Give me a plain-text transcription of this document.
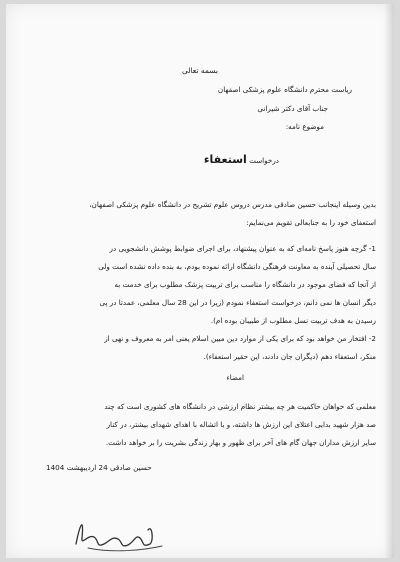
بسمه تعالی
ریاست محترم دانشگاه علوم پزشکی اصفهان
جناب آقای دکتر شیرانی
موضوع نامه:
درخواست استعفاء
بدین وسیله اینجانب حسین صادقی مدرس دروس علوم تشریح در دانشگاه علوم پزشکی اصفهان،
استعفای خود را به جنابعالی تقویم می‌نمایم:
1- گرچه هنوز پاسخ نامه‌ای که به عنوان پیشنهاد، برای اجرای ضوابط پوشش دانشجویی در
سال تحصیلی آینده به معاونت فرهنگی دانشگاه ارائه نموده بودم، به بنده داده نشده است ولی
از آنجا که فضای موجود در دانشگاه را مناسب برای تربیت پزشک مطلوب برای خدمت به
دیگر انسان ها نمی دانم، درخواست استعفاء نمودم (زیرا در این 28 سال معلمی، عمدتا در پی
رسیدن به هدف تربیت نسل مطلوب از طبیبان بوده ام).
2- افتخار من خواهد بود که برای یکی از موارد دین مبین اسلام یعنی امر به معروف و نهی از
منکر، استعفاء دهم (دیگران جان دادند، این حقیر استعفاء).
امضاء
معلمی که خواهان حاکمیت هر چه بیشتر نظام ارزشی در دانشگاه های کشوری است که چند
صد هزار شهید بدایی اعتلای این ارزش ها داشته، و با اتشاله با اهدای شهدای بیشتر، در کنار
سایر ارزش مداران جهان گام های آخر برای ظهور و بهار زندگی بشریت را بر خواهد داشت.
حسین صادقی 24 اردیبهشت 1404
